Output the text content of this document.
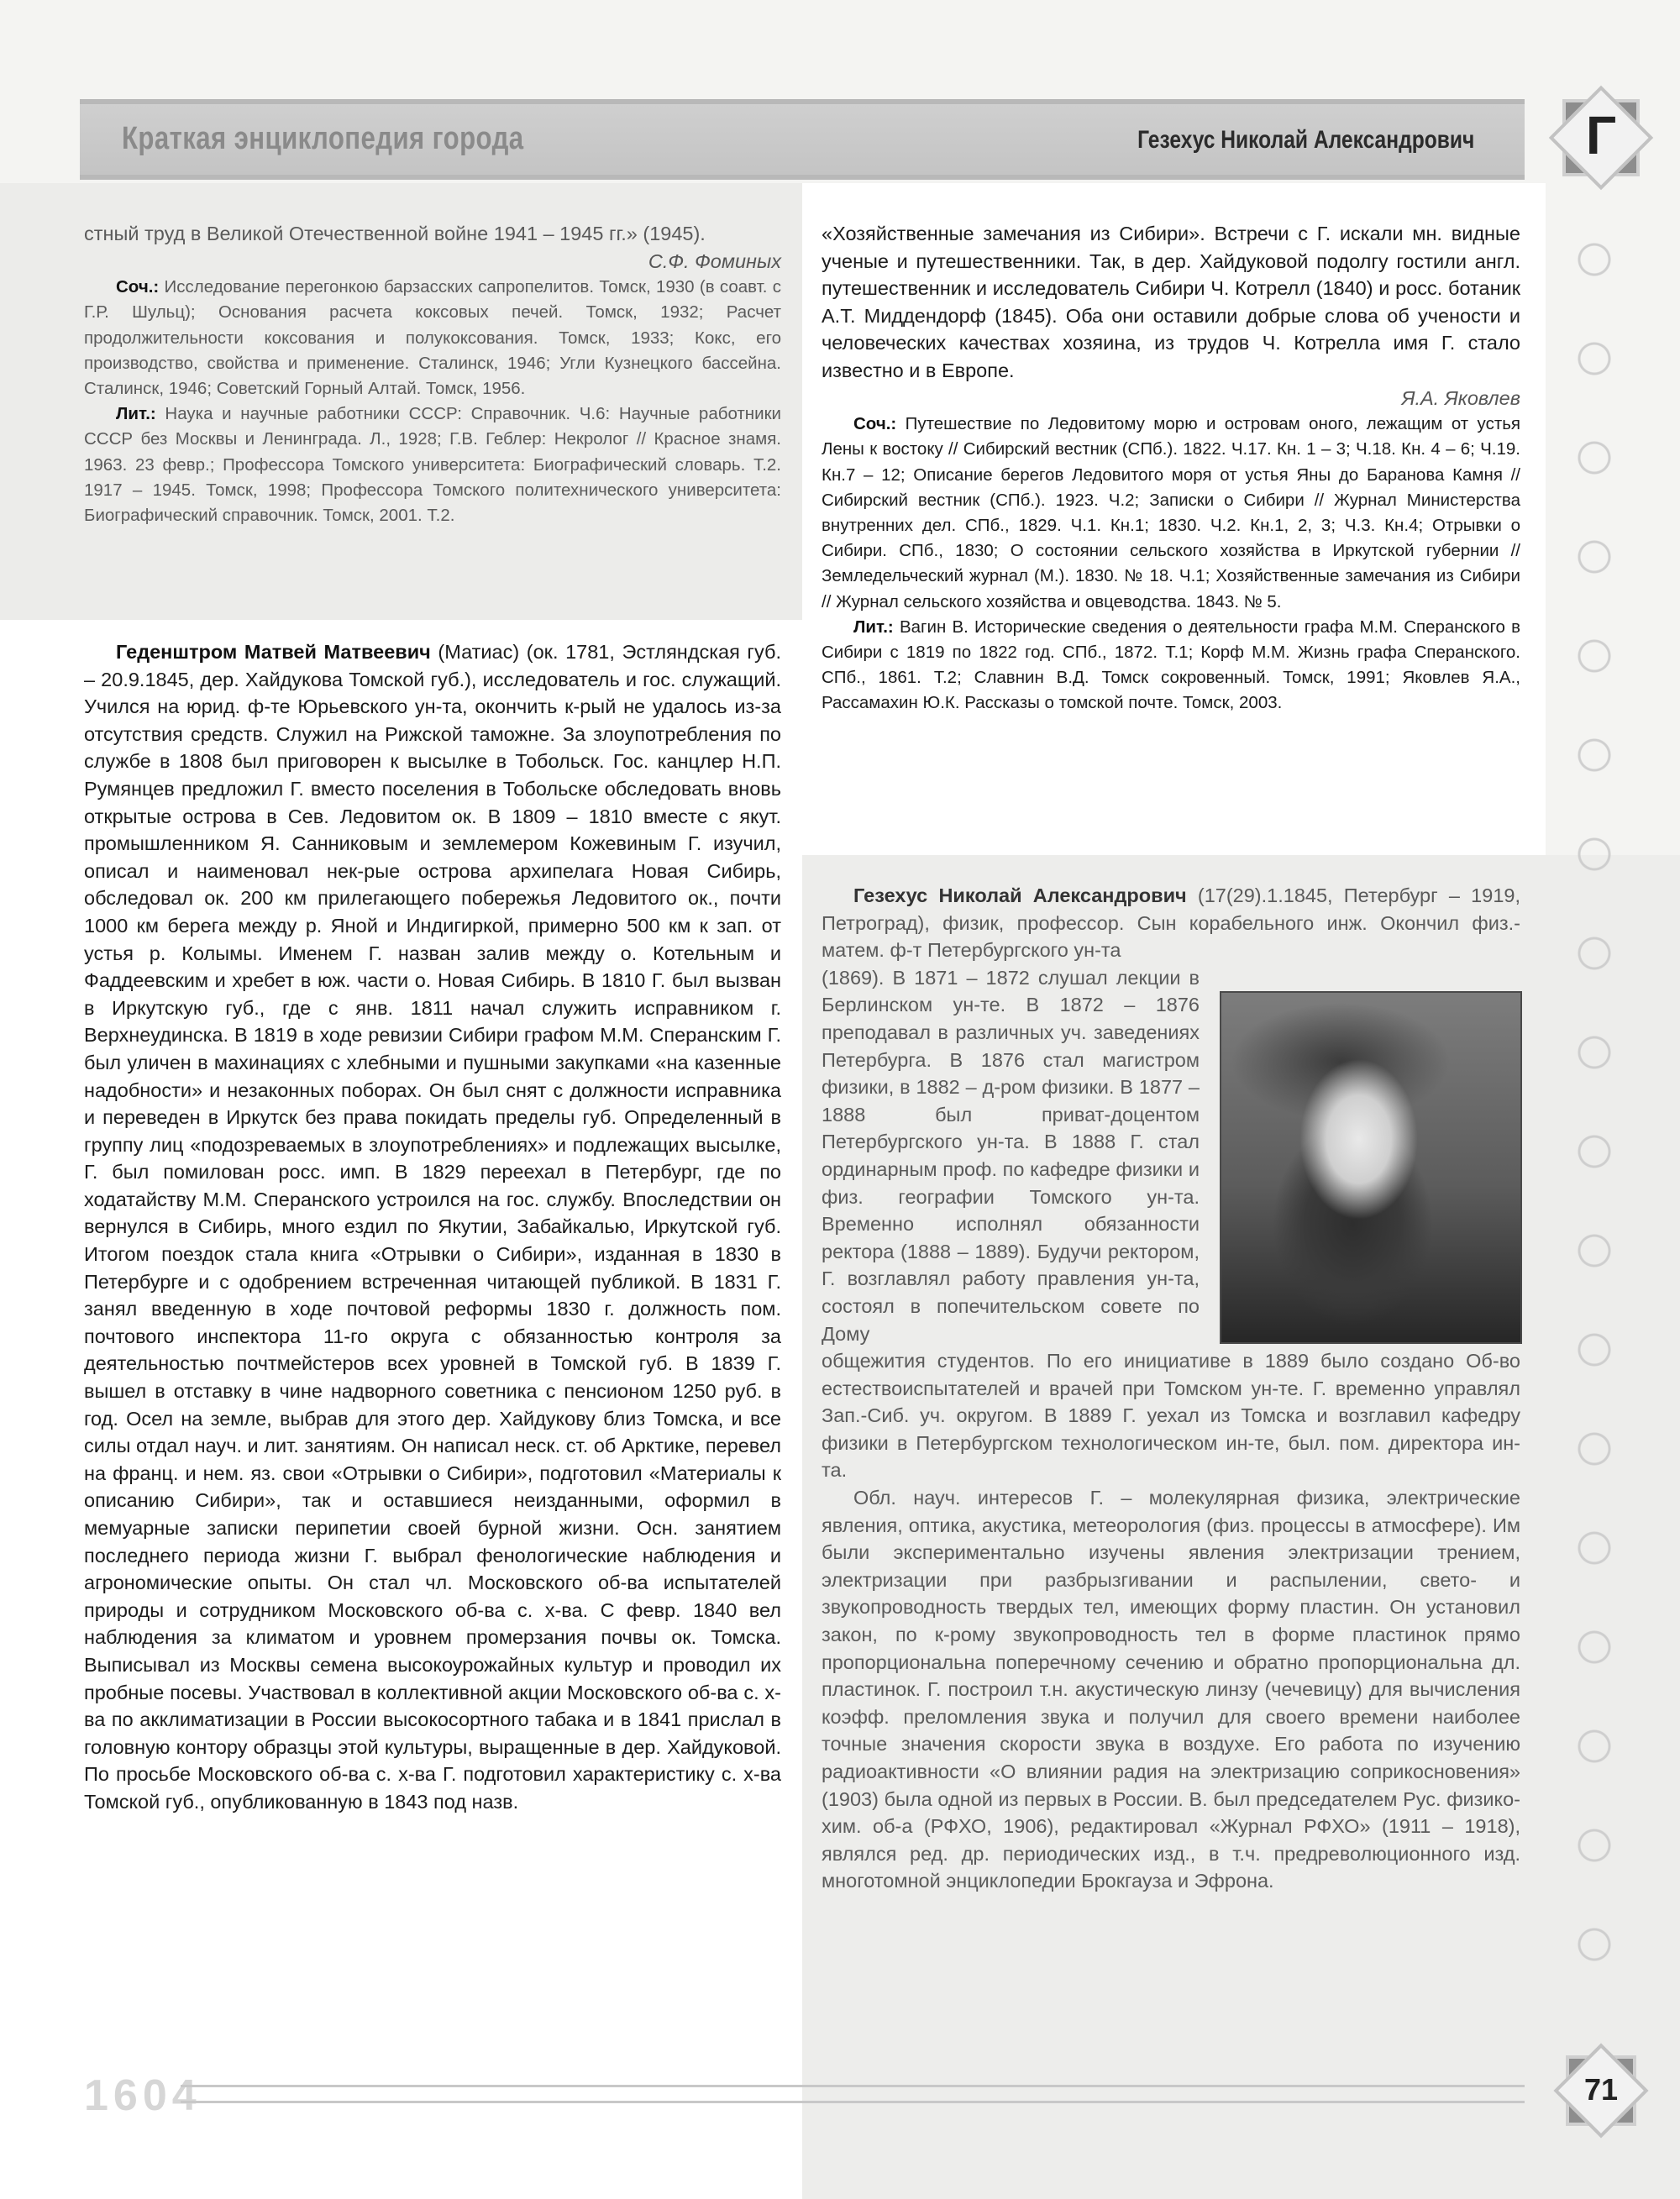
Краткая энциклопедия города	Гезехус Николай Александрович	Г

стный труд в Великой Отечественной войне 1941 – 1945 гг.» (1945).

С.Ф. Фоминых

Соч.: Исследование перегонкою барзасских сапропелитов. Томск, 1930 (в соавт. с Г.Р. Шульц); Основания расчета коксовых печей. Томск, 1932; Расчет продолжительности коксования и полукоксования. Томск, 1933; Кокс, его производство, свойства и применение. Сталинск, 1946; Угли Кузнецкого бассейна. Сталинск, 1946; Советский Горный Алтай. Томск, 1956.

Лит.: Наука и научные работники СССР: Справочник. Ч.6: Научные работники СССР без Москвы и Ленинграда. Л., 1928; Г.В. Геблер: Некролог // Красное знамя. 1963. 23 февр.; Профессора Томского университета: Биографический словарь. Т.2. 1917 – 1945. Томск, 1998; Профессора Томского политехнического университета: Биографический справочник. Томск, 2001. Т.2.

Геденштром Матвей Матвеевич (Матиас) (ок. 1781, Эстляндская губ. – 20.9.1845, дер. Хайдукова Томской губ.), исследователь и гос. служащий. Учился на юрид. ф-те Юрьевского ун-та, окончить к-рый не удалось из-за отсутствия средств. Служил на Рижской таможне. За злоупотребления по службе в 1808 был приговорен к высылке в Тобольск. Гос. канцлер Н.П. Румянцев предложил Г. вместо поселения в Тобольске обследовать вновь открытые острова в Сев. Ледовитом ок. В 1809 – 1810 вместе с якут. промышленником Я. Санниковым и землемером Кожевиным Г. изучил, описал и наименовал нек-рые острова архипелага Новая Сибирь, обследовал ок. 200 км прилегающего побережья Ледовитого ок., почти 1000 км берега между р. Яной и Индигиркой, примерно 500 км к зап. от устья р. Колымы. Именем Г. назван залив между о. Котельным и Фаддеевским и хребет в юж. части о. Новая Сибирь. В 1810 Г. был вызван в Иркутскую губ., где с янв. 1811 начал служить исправником г. Верхнеудинска. В 1819 в ходе ревизии Сибири графом М.М. Сперанским Г. был уличен в махинациях с хлебными и пушными закупками «на казенные надобности» и незаконных поборах. Он был снят с должности исправника и переведен в Иркутск без права покидать пределы губ. Определенный в группу лиц «подозреваемых в злоупотреблениях» и подлежащих высылке, Г. был помилован росс. имп. В 1829 переехал в Петербург, где по ходатайству М.М. Сперанского устроился на гос. службу. Впоследствии он вернулся в Сибирь, много ездил по Якутии, Забайкалью, Иркутской губ. Итогом поездок стала книга «Отрывки о Сибири», изданная в 1830 в Петербурге и с одобрением встреченная читающей публикой. В 1831 Г. занял введенную в ходе почтовой реформы 1830 г. должность пом. почтового инспектора 11-го округа с обязанностью контроля за деятельностью почтмейстеров всех уровней в Томской губ. В 1839 Г. вышел в отставку в чине надворного советника с пенсионом 1250 руб. в год. Осел на земле, выбрав для этого дер. Хайдукову близ Томска, и все силы отдал науч. и лит. занятиям. Он написал неск. ст. об Арктике, перевел на франц. и нем. яз. свои «Отрывки о Сибири», подготовил «Материалы к описанию Сибири», так и оставшиеся неизданными, оформил в мемуарные записки перипетии своей бурной жизни. Осн. занятием последнего периода жизни Г. выбрал фенологические наблюдения и агрономические опыты. Он стал чл. Московского об-ва испытателей природы и сотрудником Московского об-ва с. х-ва. С февр. 1840 вел наблюдения за климатом и уровнем промерзания почвы ок. Томска. Выписывал из Москвы семена высокоурожайных культур и проводил их пробные посевы. Участвовал в коллективной акции Московского об-ва с. х-ва по акклиматизации в России высокосортного табака и в 1841 прислал в головную контору образцы этой культуры, выращенные в дер. Хайдуковой. По просьбе Московского об-ва с. х-ва Г. подготовил характеристику с. х-ва Томской губ., опубликованную в 1843 под назв.

«Хозяйственные замечания из Сибири». Встречи с Г. искали мн. видные ученые и путешественники. Так, в дер. Хайдуковой подолгу гостили англ. путешественник и исследователь Сибири Ч. Котрелл (1840) и росс. ботаник А.Т. Миддендорф (1845). Оба они оставили добрые слова об учености и человеческих качествах хозяина, из трудов Ч. Котрелла имя Г. стало известно и в Европе.

Я.А. Яковлев

Соч.: Путешествие по Ледовитому морю и островам оного, лежащим от устья Лены к востоку // Сибирский вестник (СПб.). 1822. Ч.17. Кн. 1 – 3; Ч.18. Кн. 4 – 6; Ч.19. Кн.7 – 12; Описание берегов Ледовитого моря от устья Яны до Баранова Камня // Сибирский вестник (СПб.). 1923. Ч.2; Записки о Сибири // Журнал Министерства внутренних дел. СПб., 1829. Ч.1. Кн.1; 1830. Ч.2. Кн.1, 2, 3; Ч.3. Кн.4; Отрывки о Сибири. СПб., 1830; О состоянии сельского хозяйства в Иркутской губернии // Земледельческий журнал (М.). 1830. № 18. Ч.1; Хозяйственные замечания из Сибири // Журнал сельского хозяйства и овцеводства. 1843. № 5.

Лит.: Вагин В. Исторические сведения о деятельности графа М.М. Сперанского в Сибири с 1819 по 1822 год. СПб., 1872. Т.1; Корф М.М. Жизнь графа Сперанского. СПб., 1861. Т.2; Славнин В.Д. Томск сокровенный. Томск, 1991; Яковлев Я.А., Рассамахин Ю.К. Рассказы о томской почте. Томск, 2003.

Гезехус Николай Александрович (17(29).1.1845, Петербург – 1919, Петроград), физик, профессор. Сын корабельного инж. Окончил физ.-матем. ф-т Петербургского ун-та

(1869). В 1871 – 1872 слушал лекции в Берлинском ун-те. В 1872 – 1876 преподавал в различных уч. заведениях Петербурга. В 1876 стал магистром физики, в 1882 – д-ром физики. В 1877 – 1888 был приват-доцентом Петербургского ун-та. В 1888 Г. стал ординарным проф. по кафедре физики и физ. географии Томского ун-та. Временно исполнял обязанности ректора (1888 – 1889). Будучи ректором, Г. возглавлял работу правления ун-та, состоял в попечительском совете по Дому

общежития студентов. По его инициативе в 1889 было создано Об-во естествоиспытателей и врачей при Томском ун-те. Г. временно управлял Зап.-Сиб. уч. округом. В 1889 Г. уехал из Томска и возглавил кафедру физики в Петербургском технологическом ин-те, был. пом. директора ин-та.

Обл. науч. интересов Г. – молекулярная физика, электрические явления, оптика, акустика, метеорология (физ. процессы в атмосфере). Им были экспериментально изучены явления электризации трением, электризации при разбрызгивании и распылении, свето- и звукопроводность твердых тел, имеющих форму пластин. Он установил закон, по к-рому звукопроводность тел в форме пластинок прямо пропорциональна поперечному сечению и обратно пропорциональна дл. пластинок. Г. построил т.н. акустическую линзу (чечевицу) для вычисления коэфф. преломления звука и получил для своего времени наиболее точные значения скорости звука в воздухе. Его работа по изучению радиоактивности «О влиянии радия на электризацию соприкосновения» (1903) была одной из первых в России. В. был председателем Рус. физико-хим. об-а (РФХО, 1906), редактировал «Журнал РФХО» (1911 – 1918), являлся ред. др. периодических изд., в т.ч. предреволюционного изд. многотомной энциклопедии Брокгауза и Эфрона.

1604	71
